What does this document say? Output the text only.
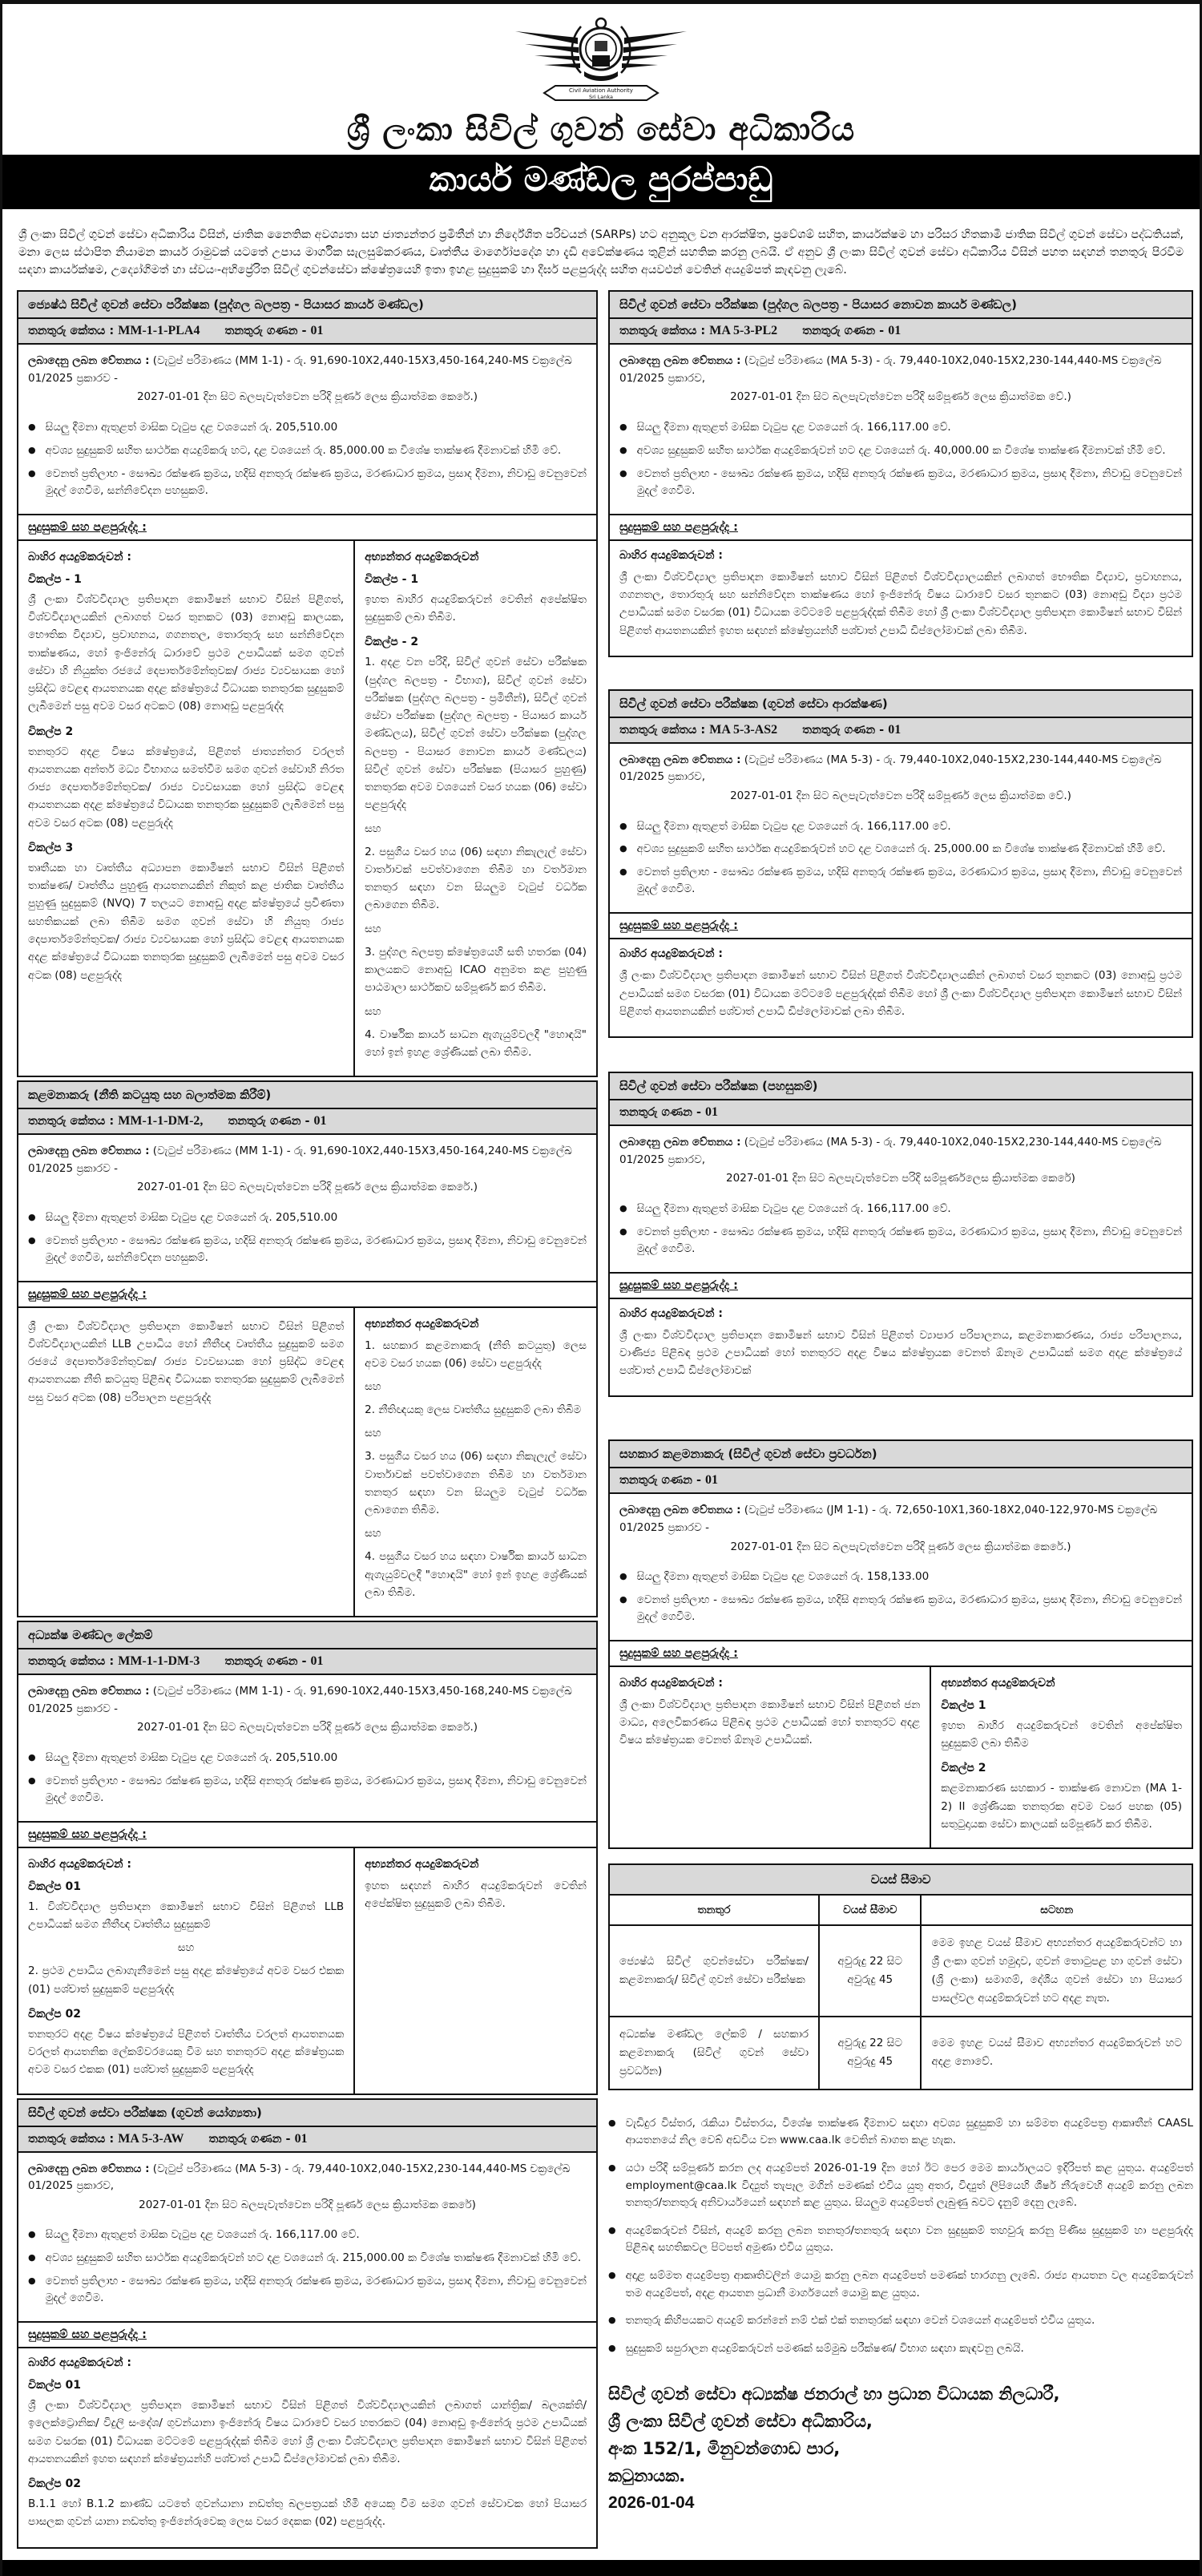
Civil Aviation Authority
Sri Lanka
ශ්‍රී ලංකා සිවිල් ගුවන් සේවා අධිකාරිය
කාර්ය මණ්ඩල පුරප්පාඩු

ශ්‍රී ලංකා සිවිල් ගුවන් සේවා අධිකාරිය විසින්, ජාතික නෛතික අවශ්‍යතා සහ ජාත්‍යන්තර ප්‍රමිතීන් හා නිර්දේශිත පරිචයන් (SARPs) හට අනුකූල වන ආරක්ෂිත, ප්‍රවේශම් සහිත, කාර්යක්ෂම හා පරිසර හිතකාමී ජාතික සිවිල් ගුවන් සේවා පද්ධතියක්, මනා ලෙස ස්ථාපිත නියාමන කාර්ය රාමුවක් යටතේ උපාය මාර්ගික සැලසුම්කරණය, වෘත්තීය මාර්ගෝපදේශ හා දැඩි අවේක්ෂණය තුළින් සහතික කරනු ලබයි. ඒ අනුව ශ්‍රී ලංකා සිවිල් ගුවන් සේවා අධිකාරිය විසින් පහත සඳහන් තනතුරු පිරවීම සඳහා කාර්යක්ෂම, උද්‍යෝගිමත් හා ස්වයං-අභිප්‍රේරිත සිවිල් ගුවන්සේවා ක්ෂේත්‍රයෙහි ඉතා ඉහළ සුදුසුකම් හා දීර්ඝ පළපුරුද්ද සහිත අයවළුන් වෙතින් අයදුම්පත් කැඳවනු ලැබේ.

ජ්‍යෙෂ්ඨ සිවිල් ගුවන් සේවා පරීක්ෂක (පුද්ගල බලපත්‍ර - පියාසර කාර්ය මණ්ඩල)
තනතුරු කේතය : MM-1-1-PLA4 තනතුරු ගණන - 01

ලබාදෙනු ලබන වේතනය : (වැටුප් පරිමාණය (MM 1-1) - රු. 91,690-10X2,440-15X3,450-164,240-MS චක්‍රලේඛ 01/2025 ප්‍රකාරව -

2027-01-01 දින සිට බලපැවැත්වෙන පරිදි පූර්ණ ලෙස ක්‍රියාත්මක කෙරේ.)

● සියලු දීමනා ඇතුළත් මාසික වැටුප දළ වශයෙන් රු. 205,510.00

● අවශ්‍ය සුදුසුකම් සහිත සාර්ථක අයදුම්කරු හට, දළ වශයෙන් රු. 85,000.00 ක විශේෂ තාක්ෂණ දීමනාවක් හිමි වේ.

● වෙනත් ප්‍රතිලාභ - සෞඛ්‍ය රක්ෂණ ක්‍රමය, හදිසි අනතුරු රක්ෂණ ක්‍රමය, මරණාධාර ක්‍රමය, ප්‍රසාද දීමනා, නිවාඩු වෙනුවෙන් මුදල් ගෙවීම, සන්නිවේදන පහසුකම්.

සුදුසුකම් සහ පළපුරුද්ද :

බාහිර අයදුම්කරුවන් :

විකල්ප - 1

ශ්‍රී ලංකා විශ්වවිද්‍යාල ප්‍රතිපාදන කොමිෂන් සභාව විසින් පිළිගත්, විශ්වවිද්‍යාලයකින් ලබාගත් වසර තුනකට (03) නොඅඩු කාලයක, භෞතික විද්‍යාව, ප්‍රවාහනය, ගගනතල, තොරතුරු සහ සන්නිවේදන තාක්ෂණය, හෝ ඉංජිනේරු ධාරාවේ ප්‍රථම උපාධියක් සමග ගුවන් සේවා හි නියුක්ත රජයේ දෙපාර්තමේන්තුවක/ රාජ්‍ය ව්‍යවසායක හෝ ප්‍රසිද්ධ වෙළඳ ආයතනයක අදළ ක්ෂේත්‍රයේ විධායක තනතුරක සුදුසුකම් ලැබීමෙන් පසු අවම වසර අටකට (08) නොඅඩු පළපුරුද්ද

විකල්ප 2

තනතුරට අදළ විෂය ක්ෂේත්‍රයේ, පිළිගත් ජාත්‍යන්තර වරලත් ආයතනයක අන්තර් මධ්‍ය විභාගය සමත්වීම සමග ගුවන් සේවාහි නිරත රාජ්‍ය දෙපාර්තමේන්තුවක/ රාජ්‍ය ව්‍යවසායක හෝ ප්‍රසිද්ධ වෙළඳ ආයතනයක අදළ ක්ෂේත්‍රයේ විධායක තනතුරක සුදුසුකම් ලැබීමෙන් පසු අවම වසර අටක (08) පළපුරුද්ද

විකල්ප 3

තෘතීයක හා වෘත්තීය අධ්‍යාපන කොමිෂන් සභාව විසින් පිළිගත් තාක්ෂණ/ වෘත්තීය පුහුණු ආයතනයකින් නිකුත් කළ ජාතික වෘත්තීය පුහුණු සුදුසුකම් (NVQ) 7 තලයට නොඅඩු අදළ ක්ෂේත්‍රයේ ප්‍රවීණතා සහතිකයක් ලබා තිබීම සමග ගුවන් සේවා හි නියුතු රාජ්‍ය දෙපාර්තමේන්තුවක/ රාජ්‍ය ව්‍යවසායක හෝ ප්‍රසිද්ධ වෙළඳ ආයතනයක අදළ ක්ෂේත්‍රයේ විධායක තනතුරක සුදුසුකම් ලැබීමෙන් පසු අවම වසර අටක (08) පළපුරුද්ද

අභ්‍යන්තර අයදුම්කරුවන්

විකල්ප - 1

ඉහත බාහිර අයදුම්කරුවන් වෙතින් අපේක්ෂිත සුදුසුකම් ලබා තිබීම.

විකල්ප - 2

1. අදළ වන පරිදි, සිවිල් ගුවන් සේවා පරීක්ෂක (පුද්ගල බලපත්‍ර - විභාග), සිවිල් ගුවන් සේවා පරීක්ෂක (පුද්ගල බලපත්‍ර - ප්‍රමිතීන්), සිවිල් ගුවන් සේවා පරීක්ෂක (පුද්ගල බලපත්‍ර - පියාසර කාර්ය මණ්ඩලය), සිවිල් ගුවන් සේවා පරීක්ෂක (පුද්ගල බලපත්‍ර - පියාසර නොවන කාර්ය මණ්ඩලය) සිවිල් ගුවන් සේවා පරීක්ෂක (පියාසර පුහුණු) තනතුරක අවම වශයෙන් වසර හයක (06) සේවා පළපුරුද්ද

සහ

2. පසුගිය වසර හය (06) සඳහා නිකැලැල් සේවා වාර්තාවක් පවත්වාගෙන තිබීම හා වර්තමාන තනතුර සඳහා වන සියලුම වැටුප් වර්ධක ලබාගෙන තිබීම.

සහ

3. පුද්ගල බලපත්‍ර ක්ෂේත්‍රයෙහි සති හතරක (04) කාලයකට නොඅඩු ICAO අනුමත කළ පුහුණු පාඨමාලා සාර්ථකව සම්පූර්ණ කර තිබීම.

සහ

4. වාර්ෂික කාර්ය සාධන ඇගැයුම්වලදී "හොඳයි" හෝ ඉන් ඉහළ ශ්‍රේණියක් ලබා තිබීම.

කළමනාකරු (නීති කටයුතු සහ බලාත්මක කිරීම්)
තනතුරු කේතය : MM-1-1-DM-2, තනතුරු ගණන - 01

ලබාදෙනු ලබන වේතනය : (වැටුප් පරිමාණය (MM 1-1) - රු. 91,690-10X2,440-15X3,450-164,240-MS චක්‍රලේඛ 01/2025 ප්‍රකාරව -

2027-01-01 දින සිට බලපැවැත්වෙන පරිදි පූර්ණ ලෙස ක්‍රියාත්මක කෙරේ.)

● සියලු දීමනා ඇතුළත් මාසික වැටුප දළ වශයෙන් රු. 205,510.00

● වෙනත් ප්‍රතිලාභ - සෞඛ්‍ය රක්ෂණ ක්‍රමය, හදිසි අනතුරු රක්ෂණ ක්‍රමය, මරණාධාර ක්‍රමය, ප්‍රසාද දීමනා, නිවාඩු වෙනුවෙන් මුදල් ගෙවීම, සන්නිවේදන පහසුකම්.

සුදුසුකම් සහ පළපුරුද්ද :

ශ්‍රී ලංකා විශ්වවිද්‍යාල ප්‍රතිපාදන කොමිෂන් සභාව විසින් පිළිගත් විශ්වවිද්‍යාලයකින් LLB උපාධිය හෝ නීතීඥ වෘත්තීය සුදුසුකම් සමග රජයේ දෙපාර්තමේන්තුවක/ රාජ්‍ය ව්‍යවසායක හෝ ප්‍රසිද්ධ වෙළඳ ආයතනයක නීති කටයුතු පිළිබඳ විධායක තනතුරක සුදුසුකම් ලැබීමෙන් පසු වසර අටක (08) පරිපාලන පළපුරුද්ද

අභ්‍යන්තර අයදුම්කරුවන්

1. සහකාර කළමනාකරු (නීති කටයුතු) ලෙස අවම වසර හයක (06) සේවා පළපුරුද්ද

සහ

2. නීතිඥයකු ලෙස වෘත්තීය සුදුසුකම් ලබා තිබීම

සහ

3. පසුගිය වසර හය (06) සඳහා නිකැලැල් සේවා වාර්තාවක් පවත්වාගෙන තිබීම හා වර්තමාන තනතුර සඳහා වන සියලුම වැටුප් වර්ධක ලබාගෙන තිබීම.

සහ

4. පසුගිය වසර හය සඳහා වාර්ෂික කාර්ය සාධන ඇගැයුම්වලදී "හොඳයි" හෝ ඉන් ඉහළ ශ්‍රේණියක් ලබා තිබීම.

අධ්‍යක්ෂ මණ්ඩල ලේකම්
තනතුරු කේතය : MM-1-1-DM-3 තනතුරු ගණන - 01

ලබාදෙනු ලබන වේතනය : (වැටුප් පරිමාණය (MM 1-1) - රු. 91,690-10X2,440-15X3,450-168,240-MS චක්‍රලේඛ 01/2025 ප්‍රකාරව -

2027-01-01 දින සිට බලපැවැත්වෙන පරිදි පූර්ණ ලෙස ක්‍රියාත්මක කෙරේ.)

● සියලු දීමනා ඇතුළත් මාසික වැටුප දළ වශයෙන් රු. 205,510.00

● වෙනත් ප්‍රතිලාභ - සෞඛ්‍ය රක්ෂණ ක්‍රමය, හදිසි අනතුරු රක්ෂණ ක්‍රමය, මරණාධාර ක්‍රමය, ප්‍රසාද දීමනා, නිවාඩු වෙනුවෙන් මුදල් ගෙවීම.

සුදුසුකම් සහ පළපුරුද්ද :

බාහිර අයදුම්කරුවන් :

විකල්ප 01

1. විශ්වවිද්‍යාල ප්‍රතිපාදන කොමිෂන් සභාව විසින් පිළිගත් LLB උපාධියක් සමග නීතීඥ වෘත්තීය සුදුසුකම්

සහ

2. ප්‍රථම උපාධිය ලබාගැනීමෙන් පසු අදළ ක්ෂේත්‍රයේ අවම වසර එකක (01) පශ්චාත් සුදුසුකම් පළපුරුද්ද

විකල්ප 02

තනතුරට අදළ විෂය ක්ෂේත්‍රයේ පිළිගත් වෘත්තීය වරලත් ආයතනයක වරලත් ආයතනික ලේකම්වරයෙකු වීම සහ තනතුරට අදළ ක්ෂේත්‍රයක අවම වසර එකක (01) පශ්චාත් සුදුසුකම් පළපුරුද්ද

අභ්‍යන්තර අයදුම්කරුවන්

ඉහත සඳහන් බාහිර අයදුම්කරුවන් වෙතින් අපේක්ෂිත සුදුසුකම් ලබා තිබීම.

සිවිල් ගුවන් සේවා පරීක්ෂක (ගුවන් යෝග්‍යතා)
තනතුරු කේතය : MA 5-3-AW තනතුරු ගණන - 01

ලබාදෙනු ලබන වේතනය : (වැටුප් පරිමාණය (MA 5-3) - රු. 79,440-10X2,040-15X2,230-144,440-MS චක්‍රලේඛ 01/2025 ප්‍රකාරව,

2027-01-01 දින සිට බලපැවැත්වෙන පරිදි පූර්ණ ලෙස ක්‍රියාත්මක කෙරේ)

● සියලු දීමනා ඇතුළත් මාසික වැටුප දළ වශයෙන් රු. 166,117.00 වේ.

● අවශ්‍ය සුදුසුකම් සහිත සාර්ථක අයදුම්කරුවන් හට දළ වශයෙන් රු. 215,000.00 ක විශේෂ තාක්ෂණ දීමනාවක් හිමි වේ.

● වෙනත් ප්‍රතිලාභ - සෞඛ්‍ය රක්ෂණ ක්‍රමය, හදිසි අනතුරු රක්ෂණ ක්‍රමය, මරණාධාර ක්‍රමය, ප්‍රසාද දීමනා, නිවාඩු වෙනුවෙන් මුදල් ගෙවීම.

සුදුසුකම් සහ පළපුරුද්ද :

බාහිර අයදුම්කරුවන් :

විකල්ප 01

ශ්‍රී ලංකා විශ්වවිද්‍යාල ප්‍රතිපාදන කොමිෂන් සභාව විසින් පිළිගත් විශ්වවිද්‍යාලයකින් ලබාගත් යාන්ත්‍රික/ බලශක්ති/ ඉලෙක්ට්‍රොනික/ විදුලි සංදේශ/ ගුවන්යානා ඉංජිනේරු විෂය ධාරාවේ වසර හතරකට (04) නොඅඩු ඉංජිනේරු ප්‍රථම උපාධියක් සමග වසරක (01) විධායක මට්ටමේ පළපුරුද්දක් තිබීම හෝ ශ්‍රී ලංකා විශ්වවිද්‍යාල ප්‍රතිපාදන කොමිෂන් සභාව විසින් පිළිගත් ආයතනයකින් ඉහත සඳහන් ක්ෂේත්‍රයන්හි පශ්චාත් උපාධි ඩිප්ලෝමාවක් ලබා තිබීම.

විකල්ප 02

B.1.1 හෝ B.1.2 කාණ්ඩ යටතේ ගුවන්යානා නඩත්තු බලපත්‍රයක් හිමි අයෙකු වීම සමග ගුවන් සේවාවක හෝ පියාසර පාසලක ගුවන් යානා නඩත්තු ඉංජිනේරුවෙකු ලෙස වසර දෙකක (02) පළපුරුද්ද.

සිවිල් ගුවන් සේවා පරීක්ෂක (පුද්ගල බලපත්‍ර - පියාසර නොවන කාර්ය මණ්ඩල)
තනතුරු කේතය : MA 5-3-PL2 තනතුරු ගණන - 01

ලබාදෙනු ලබන වේතනය : (වැටුප් පරිමාණය (MA 5-3) - රු. 79,440-10X2,040-15X2,230-144,440-MS චක්‍රලේඛ 01/2025 ප්‍රකාරව,

2027-01-01 දින සිට බලපැවැත්වෙන පරිදි සම්පූර්ණ ලෙස ක්‍රියාත්මක වේ.)

● සියලු දීමනා ඇතුළත් මාසික වැටුප දළ වශයෙන් රු. 166,117.00 වේ.

● අවශ්‍ය සුදුසුකම් සහිත සාර්ථක අයදුම්කරුවන් හට දළ වශයෙන් රු. 40,000.00 ක විශේෂ තාක්ෂණ දීමනාවක් හිමි වේ.

● වෙනත් ප්‍රතිලාභ - සෞඛ්‍ය රක්ෂණ ක්‍රමය, හදිසි අනතුරු රක්ෂණ ක්‍රමය, මරණාධාර ක්‍රමය, ප්‍රසාද දීමනා, නිවාඩු වෙනුවෙන් මුදල් ගෙවීම.

සුදුසුකම් සහ පළපුරුද්ද :

බාහිර අයදුම්කරුවන් :

ශ්‍රී ලංකා විශ්වවිද්‍යාල ප්‍රතිපාදන කොමිෂන් සභාව විසින් පිළිගත් විශ්වවිද්‍යාලයකින් ලබාගත් භෞතික විද්‍යාව, ප්‍රවාහනය, ගගනතල, තොරතුරු සහ සන්නිවේදන තාක්ෂණය හෝ ඉංජිනේරු විෂය ධාරාවේ වසර තුනකට (03) නොඅඩු විද්‍යා ප්‍රථම උපාධියක් සමග වසරක (01) විධායක මට්ටමේ පළපුරුද්දක් තිබීම හෝ ශ්‍රී ලංකා විශ්වවිද්‍යාල ප්‍රතිපාදන කොමිෂන් සභාව විසින් පිළිගත් ආයතනයකින් ඉහත සඳහන් ක්ෂේත්‍රයන්හි පශ්චාත් උපාධි ඩිප්ලෝමාවක් ලබා තිබීම.

සිවිල් ගුවන් සේවා පරීක්ෂක (ගුවන් සේවා ආරක්ෂණ)
තනතුරු කේතය : MA 5-3-AS2 තනතුරු ගණන - 01

ලබාදෙනු ලබන වේතනය : (වැටුප් පරිමාණය (MA 5-3) - රු. 79,440-10X2,040-15X2,230-144,440-MS චක්‍රලේඛ 01/2025 ප්‍රකාරව,

2027-01-01 දින සිට බලපැවැත්වෙන පරිදි සම්පූර්ණ ලෙස ක්‍රියාත්මක වේ.)

● සියලු දීමනා ඇතුළත් මාසික වැටුප දළ වශයෙන් රු. 166,117.00 වේ.

● අවශ්‍ය සුදුසුකම් සහිත සාර්ථක අයදුම්කරුවන් හට දළ වශයෙන් රු. 25,000.00 ක විශේෂ තාක්ෂණ දීමනාවක් හිමි වේ.

● වෙනත් ප්‍රතිලාභ - සෞඛ්‍ය රක්ෂණ ක්‍රමය, හදිසි අනතුරු රක්ෂණ ක්‍රමය, මරණාධාර ක්‍රමය, ප්‍රසාද දීමනා, නිවාඩු වෙනුවෙන් මුදල් ගෙවීම.

සුදුසුකම් සහ පළපුරුද්ද :

බාහිර අයදුම්කරුවන් :

ශ්‍රී ලංකා විශ්වවිද්‍යාල ප්‍රතිපාදන කොමිෂන් සභාව විසින් පිළිගත් විශ්වවිද්‍යාලයකින් ලබාගත් වසර තුනකට (03) නොඅඩු ප්‍රථම උපාධියක් සමග වසරක (01) විධායක මට්ටමේ පළපුරුද්දක් තිබීම හෝ ශ්‍රී ලංකා විශ්වවිද්‍යාල ප්‍රතිපාදන කොමිෂන් සභාව විසින් පිළිගත් ආයතනයකින් පශ්චාත් උපාධි ඩිප්ලෝමාවක් ලබා තිබීම.

සිවිල් ගුවන් සේවා පරීක්ෂක (පහසුකම්)
තනතුරු ගණන - 01

ලබාදෙනු ලබන වේතනය : (වැටුප් පරිමාණය (MA 5-3) - රු. 79,440-10X2,040-15X2,230-144,440-MS චක්‍රලේඛ 01/2025 ප්‍රකාරව,

2027-01-01 දින සිට බලපැවැත්වෙන පරිදි සම්පූර්ණලෙස ක්‍රියාත්මක කෙරේ)

● සියලු දීමනා ඇතුළත් මාසික වැටුප දළ වශයෙන් රු. 166,117.00 වේ.

● වෙනත් ප්‍රතිලාභ - සෞඛ්‍ය රක්ෂණ ක්‍රමය, හදිසි අනතුරු රක්ෂණ ක්‍රමය, මරණාධාර ක්‍රමය, ප්‍රසාද දීමනා, නිවාඩු වෙනුවෙන් මුදල් ගෙවීම.

සුදුසුකම් සහ පළපුරුද්ද :

බාහිර අයදුම්කරුවන් :

ශ්‍රී ලංකා විශ්වවිද්‍යාල ප්‍රතිපාදන කොමිෂන් සභාව විසින් පිළිගත් ව්‍යාපාර පරිපාලනය, කළමනාකරණය, රාජ්‍ය පරිපාලනය, වාණිජ්‍ය පිළිබඳ ප්‍රථම උපාධියක් හෝ තනතුරට අදළ විෂය ක්ෂේත්‍රයක වෙනත් ඕනෑම උපාධියක් සමග අදළ ක්ෂේත්‍රයේ පශ්චාත් උපාධි ඩිප්ලෝමාවක්

සහකාර කළමනාකරු (සිවිල් ගුවන් සේවා ප්‍රවර්ධන)
තනතුරු ගණන - 01

ලබාදෙනු ලබන වේතනය : (වැටුප් පරිමාණය (JM 1-1) - රු. 72,650-10X1,360-18X2,040-122,970-MS චක්‍රලේඛ 01/2025 ප්‍රකාරව -

2027-01-01 දින සිට බලපැවැත්වෙන පරිදි පූර්ණ ලෙස ක්‍රියාත්මක කෙරේ.)

● සියලු දීමනා ඇතුළත් මාසික වැටුප දළ වශයෙන් රු. 158,133.00

● වෙනත් ප්‍රතිලාභ - සෞඛ්‍ය රක්ෂණ ක්‍රමය, හදිසි අනතුරු රක්ෂණ ක්‍රමය, මරණාධාර ක්‍රමය, ප්‍රසාද දීමනා, නිවාඩු වෙනුවෙන් මුදල් ගෙවීම.

සුදුසුකම් සහ පළපුරුද්ද :

බාහිර අයදුම්කරුවන් :

ශ්‍රී ලංකා විශ්වවිද්‍යාල ප්‍රතිපාදන කොමිෂන් සභාව විසින් පිළිගත් ජන මාධ්‍ය, අලෙවිකරණය පිළිබඳ ප්‍රථම උපාධියක් හෝ තනතුරට අදළ විෂය ක්ෂේත්‍රයක වෙනත් ඕනෑම උපාධියක්.

අභ්‍යන්තර අයදුම්කරුවන්

විකල්ප 1

ඉහත බාහිර අයදුම්කරුවන් වෙතින් අපේක්ෂිත සුදුසුකම් ලබා තිබීම

විකල්ප 2

කළමනාකරණ සහකාර - තාක්ෂණ නොවන (MA 1-2) II ශ්‍රේණියක තනතුරක අවම වසර පහක (05) සතුටුදායක සේවා කාලයක් සම්පූර්ණ කර තිබීම.

වයස් සීමාව		
තනතුර	වයස් සීමාව	සටහන
ජ්‍යෙෂ්ඨ සිවිල් ගුවන්සේවා පරීක්ෂක/ කළමනාකරු/ සිවිල් ගුවන් සේවා පරීක්ෂක	අවුරුදු 22 සිට අවුරුදු 45	මෙම ඉහළ වයස් සීමාව අභ්‍යන්තර අයදුම්කරුවන්ට හා ශ්‍රී ලංකා ගුවන් හමුදාව, ගුවන් තොටුපළ හා ගුවන් සේවා (ශ්‍රී ලංකා) සමාගම්, දේශීය ගුවන් සේවා හා පියාසර පාසල්වල අයදුම්කරුවන් හට අදළ නැත.
අධ්‍යක්ෂ මණ්ඩල ලේකම් / සහකාර කළමනාකරු (සිවිල් ගුවන් සේවා ප්‍රවර්ධන)	අවුරුදු 22 සිට අවුරුදු 45	මෙම ඉහළ වයස් සීමාව අභ්‍යන්තර අයදුම්කරුවන් හට අදළ නොවේ.
● වැඩිදුර විස්තර, රැකියා විස්තරය, විශේෂ තාක්ෂණ දීමනාව සඳහා අවශ්‍ය සුදුසුකම් හා සම්මත අයදුම්පත්‍ර ආකෘතීන් CAASL ආයතනයේ නිල වෙබ් අඩවිය වන www.caa.lk වෙතින් බාගත කළ හැක.

● යථා පරිදි සම්පූර්ණ කරන ලද අයදුම්පත් 2026-01-19 දින හෝ ඊට පෙර මෙම කාර්යාලයට ඉදිරිපත් කළ යුතුය. අයදුම්පත් employment@caa.lk විද්‍යුත් තැපෑල මගින් පමණක් එවිය යුතු අතර, විද්‍යුත් ලිපියෙහි ශීර්ෂ නීරුවෙහි අයදුම් කරනු ලබන තනතුර/තනතුරු අනිවාර්යයෙන් සඳහන් කළ යුතුය. සියලුම අයදුම්පත් ලැබුණු බවට දැනුම් දෙනු ලැබේ.

● අයදුම්කරුවන් විසින්, අයදුම් කරනු ලබන තනතුර/තනතුරු සඳහා වන සුදුසුකම් තහවුරු කරනු පිණිස සුදුසුකම් හා පළපුරුද්ද පිළිබඳ සහතිකවල පිටපත් අමුණා එවිය යුතුය.

● අදාළ සම්මත අයදුම්පත්‍ර ආකෘතිවලින් යොමු කරනු ලබන අයදුම්පත් පමණක් භාරගනු ලැබේ. රාජ්‍ය ආයතන වල අයදුම්කරුවන් තම අයදුම්පත්, අදළ ආයතන ප්‍රධානී මාර්ගයෙන් යොමු කළ යුතුය.

● තනතුරු කිහිපයකට අයදුම් කරන්නේ නම් එක් එක් තනතුරක් සඳහා වෙන් වශයෙන් අයදුම්පත් එවිය යුතුය.

● සුදුසුකම් සපුරාලන අයදුම්කරුවන් පමණක් සම්මුඛ පරීක්ෂණ/ විභාග සඳහා කැඳවනු ලබයි.

සිවිල් ගුවන් සේවා අධ්‍යක්ෂ ජනරාල් හා ප්‍රධාන විධායක නිලධාරී,

ශ්‍රී ලංකා සිවිල් ගුවන් සේවා අධිකාරිය,

අංක 152/1, මිනුවන්ගොඩ පාර,

කටුනායක.

2026-01-04
